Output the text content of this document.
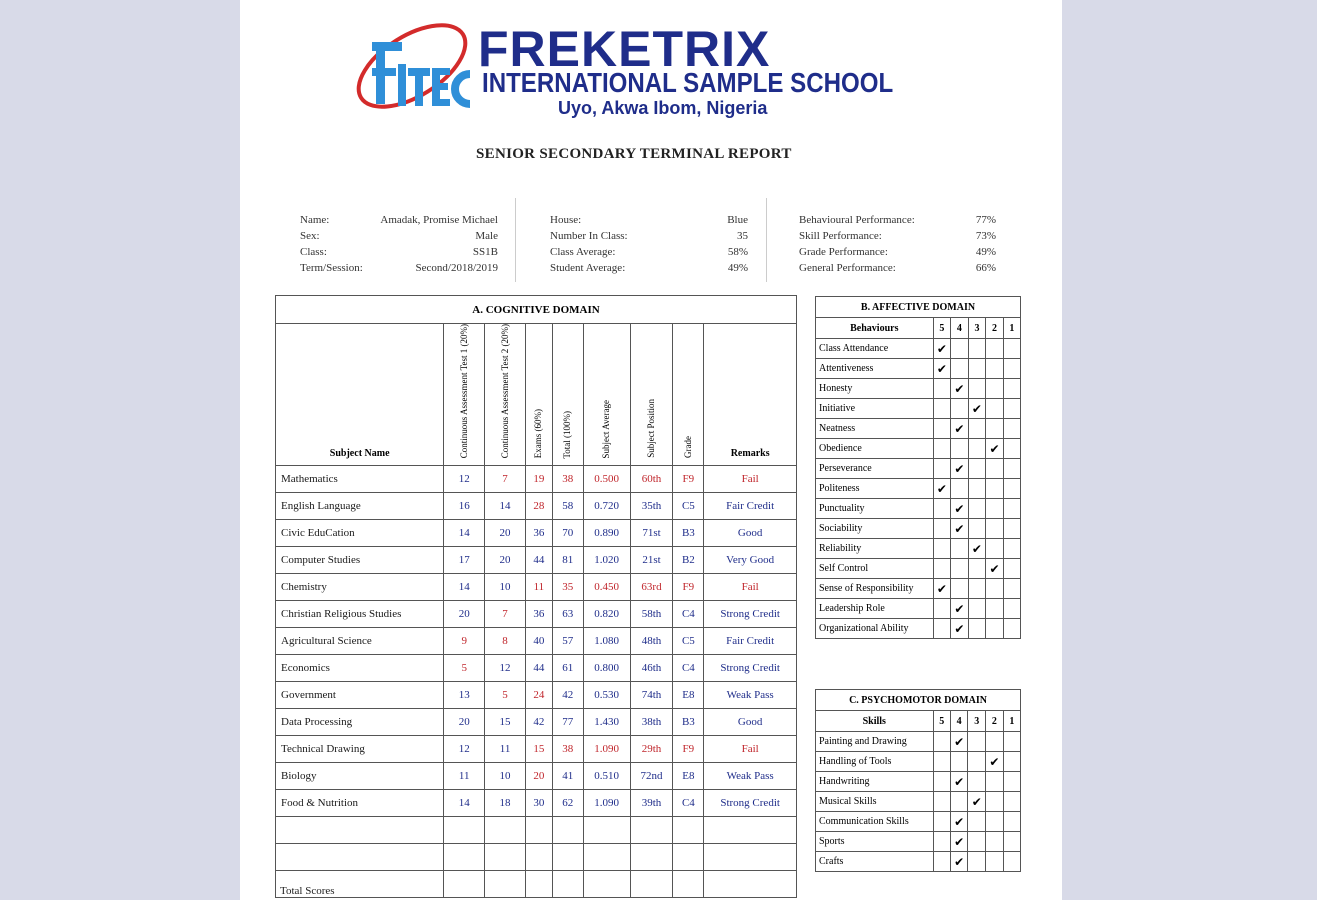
FREKETRIX
INTERNATIONAL SAMPLE SCHOOL
Uyo, Akwa Ibom, Nigeria
SENIOR SECONDARY TERMINAL REPORT
Name:	Amadak, Promise Michael
Sex:	Male
Class:	SS1B
Term/Session:	Second/2018/2019
House:	Blue
Number In Class:	35
Class Average:	58%
Student Average:	49%
Behavioural Performance:	77%
Skill Performance:	73%
Grade Performance:	49%
General Performance:	66%
A. COGNITIVE DOMAIN								
Subject Name	Continuous Assessment Test 1 (20%)	Continuous Assessment Test 2 (20%)	Exams (60%)	Total (100%)	Subject Average	Subject Position	Grade	Remarks
Mathematics	12	7	19	38	0.500	60th	F9	Fail
English Language	16	14	28	58	0.720	35th	C5	Fair Credit
Civic EduCation	14	20	36	70	0.890	71st	B3	Good
Computer Studies	17	20	44	81	1.020	21st	B2	Very Good
Chemistry	14	10	11	35	0.450	63rd	F9	Fail
Christian Religious Studies	20	7	36	63	0.820	58th	C4	Strong Credit
Agricultural Science	9	8	40	57	1.080	48th	C5	Fair Credit
Economics	5	12	44	61	0.800	46th	C4	Strong Credit
Government	13	5	24	42	0.530	74th	E8	Weak Pass
Data Processing	20	15	42	77	1.430	38th	B3	Good
Technical Drawing	12	11	15	38	1.090	29th	F9	Fail
Biology	11	10	20	41	0.510	72nd	E8	Weak Pass
Food & Nutrition	14	18	30	62	1.090	39th	C4	Strong Credit

B. AFFECTIVE DOMAIN					
Behaviours	5	4	3	2	1
Class Attendance	✔				
Attentiveness	✔				
Honesty		✔			
Initiative			✔		
Neatness		✔			
Obedience				✔	
Perseverance		✔			
Politeness	✔				
Punctuality		✔			
Sociability		✔			
Reliability			✔		
Self Control				✔	
Sense of Responsibility	✔				
Leadership Role		✔			
Organizational Ability		✔			
C. PSYCHOMOTOR DOMAIN					
Skills	5	4	3	2	1
Painting and Drawing		✔			
Handling of Tools				✔	
Handwriting		✔			
Musical Skills			✔		
Communication Skills		✔			
Sports		✔			
Crafts		✔			
Total Scores
